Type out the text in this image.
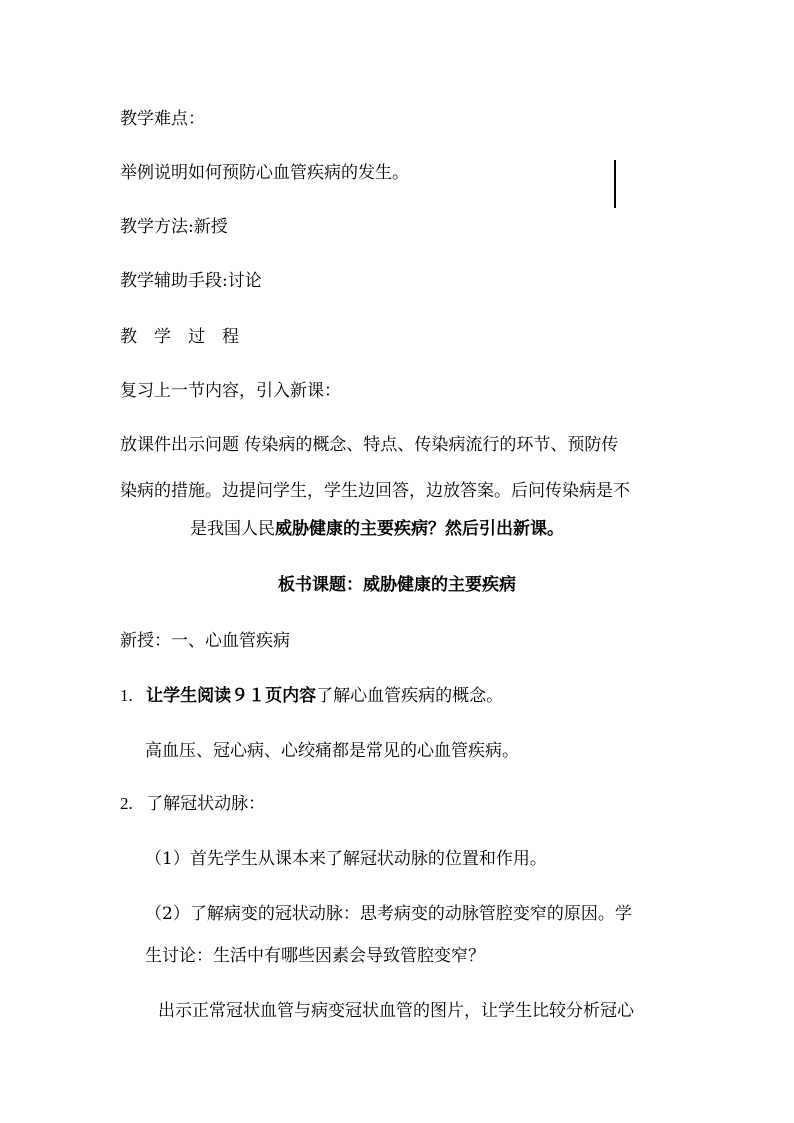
教学难点：
举例说明如何预防心血管疾病的发生。
教学方法:新授
教学辅助手段:讨论
教　学　过　程
复习上一节内容，引入新课：
放课件出示问题 传染病的概念、特点、传染病流行的环节、预防传
染病的措施。边提问学生，学生边回答，边放答案。后问传染病是不
是我国人民威胁健康的主要疾病？然后引出新课。
板书课题：威胁健康的主要疾病
新授：一、心血管疾病
1. 让学生阅读９１页内容了解心血管疾病的概念。
高血压、冠心病、心绞痛都是常见的心血管疾病。
2. 了解冠状动脉：
（1）首先学生从课本来了解冠状动脉的位置和作用。
（2）了解病变的冠状动脉：思考病变的动脉管腔变窄的原因。学
生讨论：生活中有哪些因素会导致管腔变窄？
出示正常冠状血管与病变冠状血管的图片，让学生比较分析冠心
